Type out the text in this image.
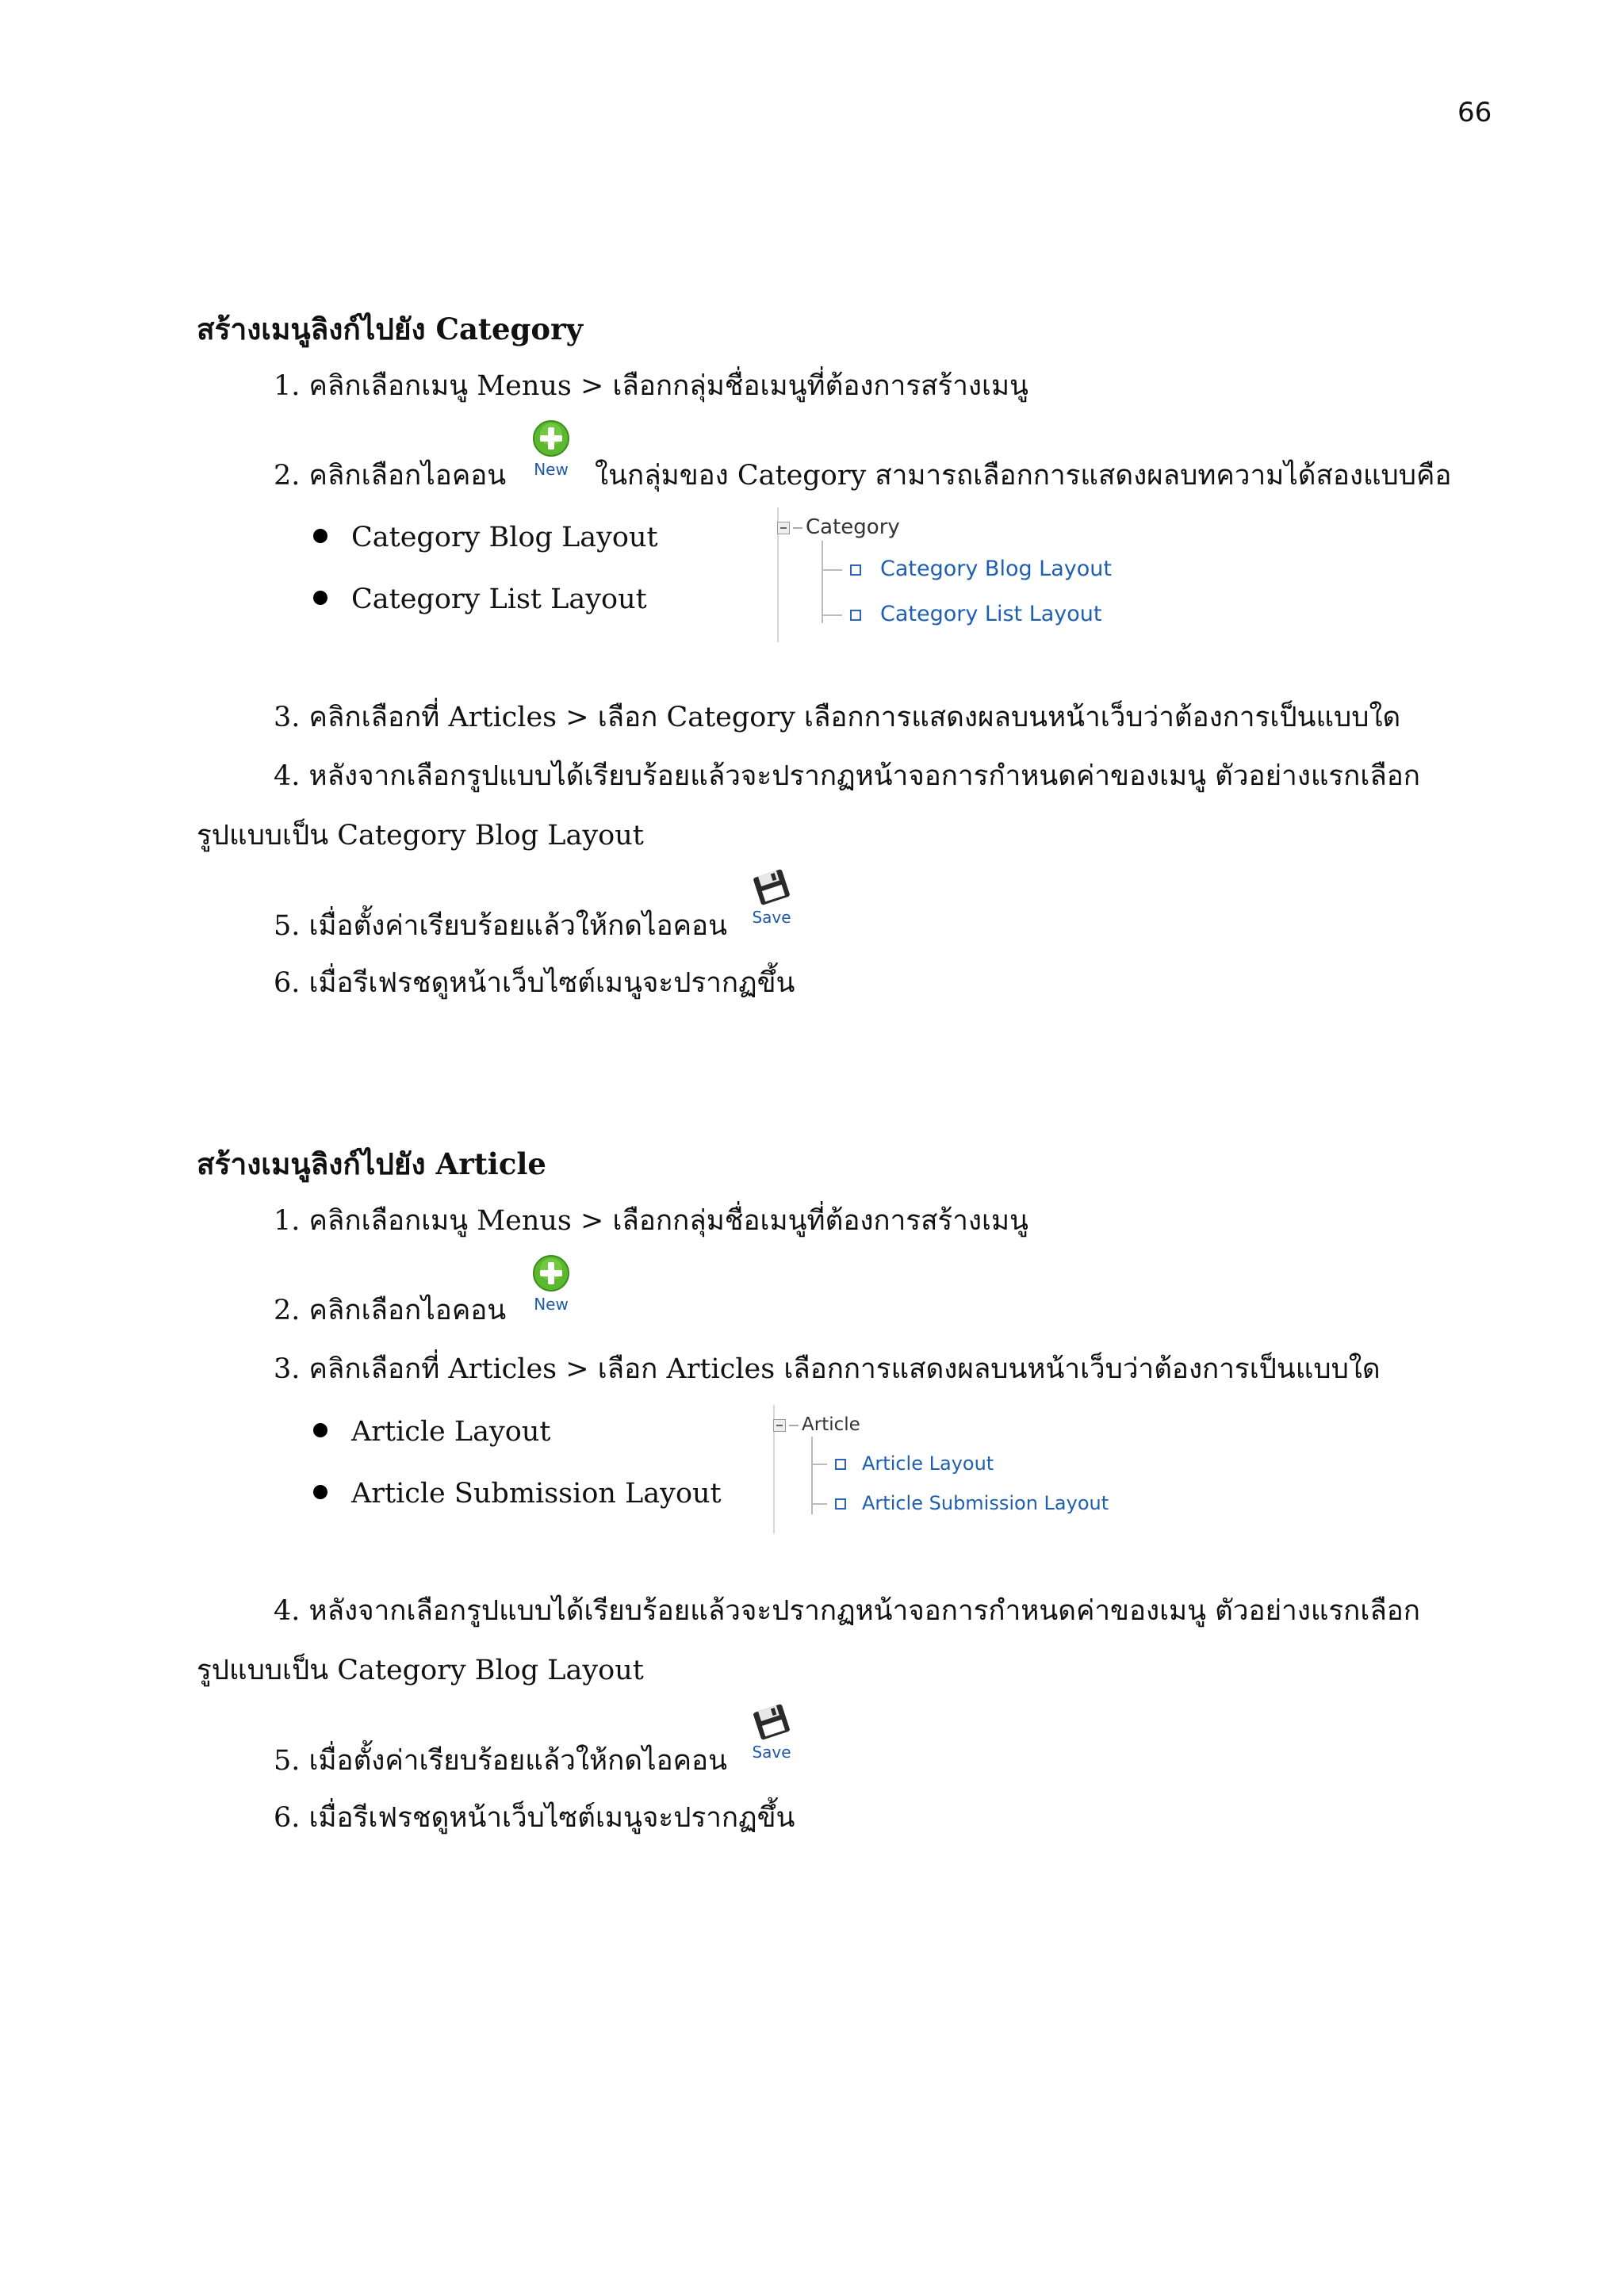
66
สร้างเมนูลิงก์ไปยัง Category
1. คลิกเลือกเมนู Menus > เลือกกลุ่มชื่อเมนูที่ต้องการสร้างเมนู
2. คลิกเลือกไอคอน	New ในกลุ่มของ Category สามารถเลือกการแสดงผลบทความได้สองแบบคือ
Category Blog Layout
Category List Layout
Category
Category Blog Layout
Category List Layout
3. คลิกเลือกที่ Articles > เลือก Category เลือกการแสดงผลบนหน้าเว็บว่าต้องการเป็นแบบใด
4. หลังจากเลือกรูปแบบได้เรียบร้อยแล้วจะปรากฏหน้าจอการกำหนดค่าของเมนู ตัวอย่างแรกเลือก
รูปแบบเป็น Category Blog Layout
5. เมื่อตั้งค่าเรียบร้อยแล้วให้กดไอคอน	Save
6. เมื่อรีเฟรชดูหน้าเว็บไซต์เมนูจะปรากฏขึ้น
สร้างเมนูลิงก์ไปยัง Article
1. คลิกเลือกเมนู Menus > เลือกกลุ่มชื่อเมนูที่ต้องการสร้างเมนู
2. คลิกเลือกไอคอน	New
3. คลิกเลือกที่ Articles > เลือก Articles เลือกการแสดงผลบนหน้าเว็บว่าต้องการเป็นแบบใด
Article Layout
Article Submission Layout
Article
Article Layout
Article Submission Layout
4. หลังจากเลือกรูปแบบได้เรียบร้อยแล้วจะปรากฏหน้าจอการกำหนดค่าของเมนู ตัวอย่างแรกเลือก
รูปแบบเป็น Category Blog Layout
5. เมื่อตั้งค่าเรียบร้อยแล้วให้กดไอคอน	Save
6. เมื่อรีเฟรชดูหน้าเว็บไซต์เมนูจะปรากฏขึ้น
